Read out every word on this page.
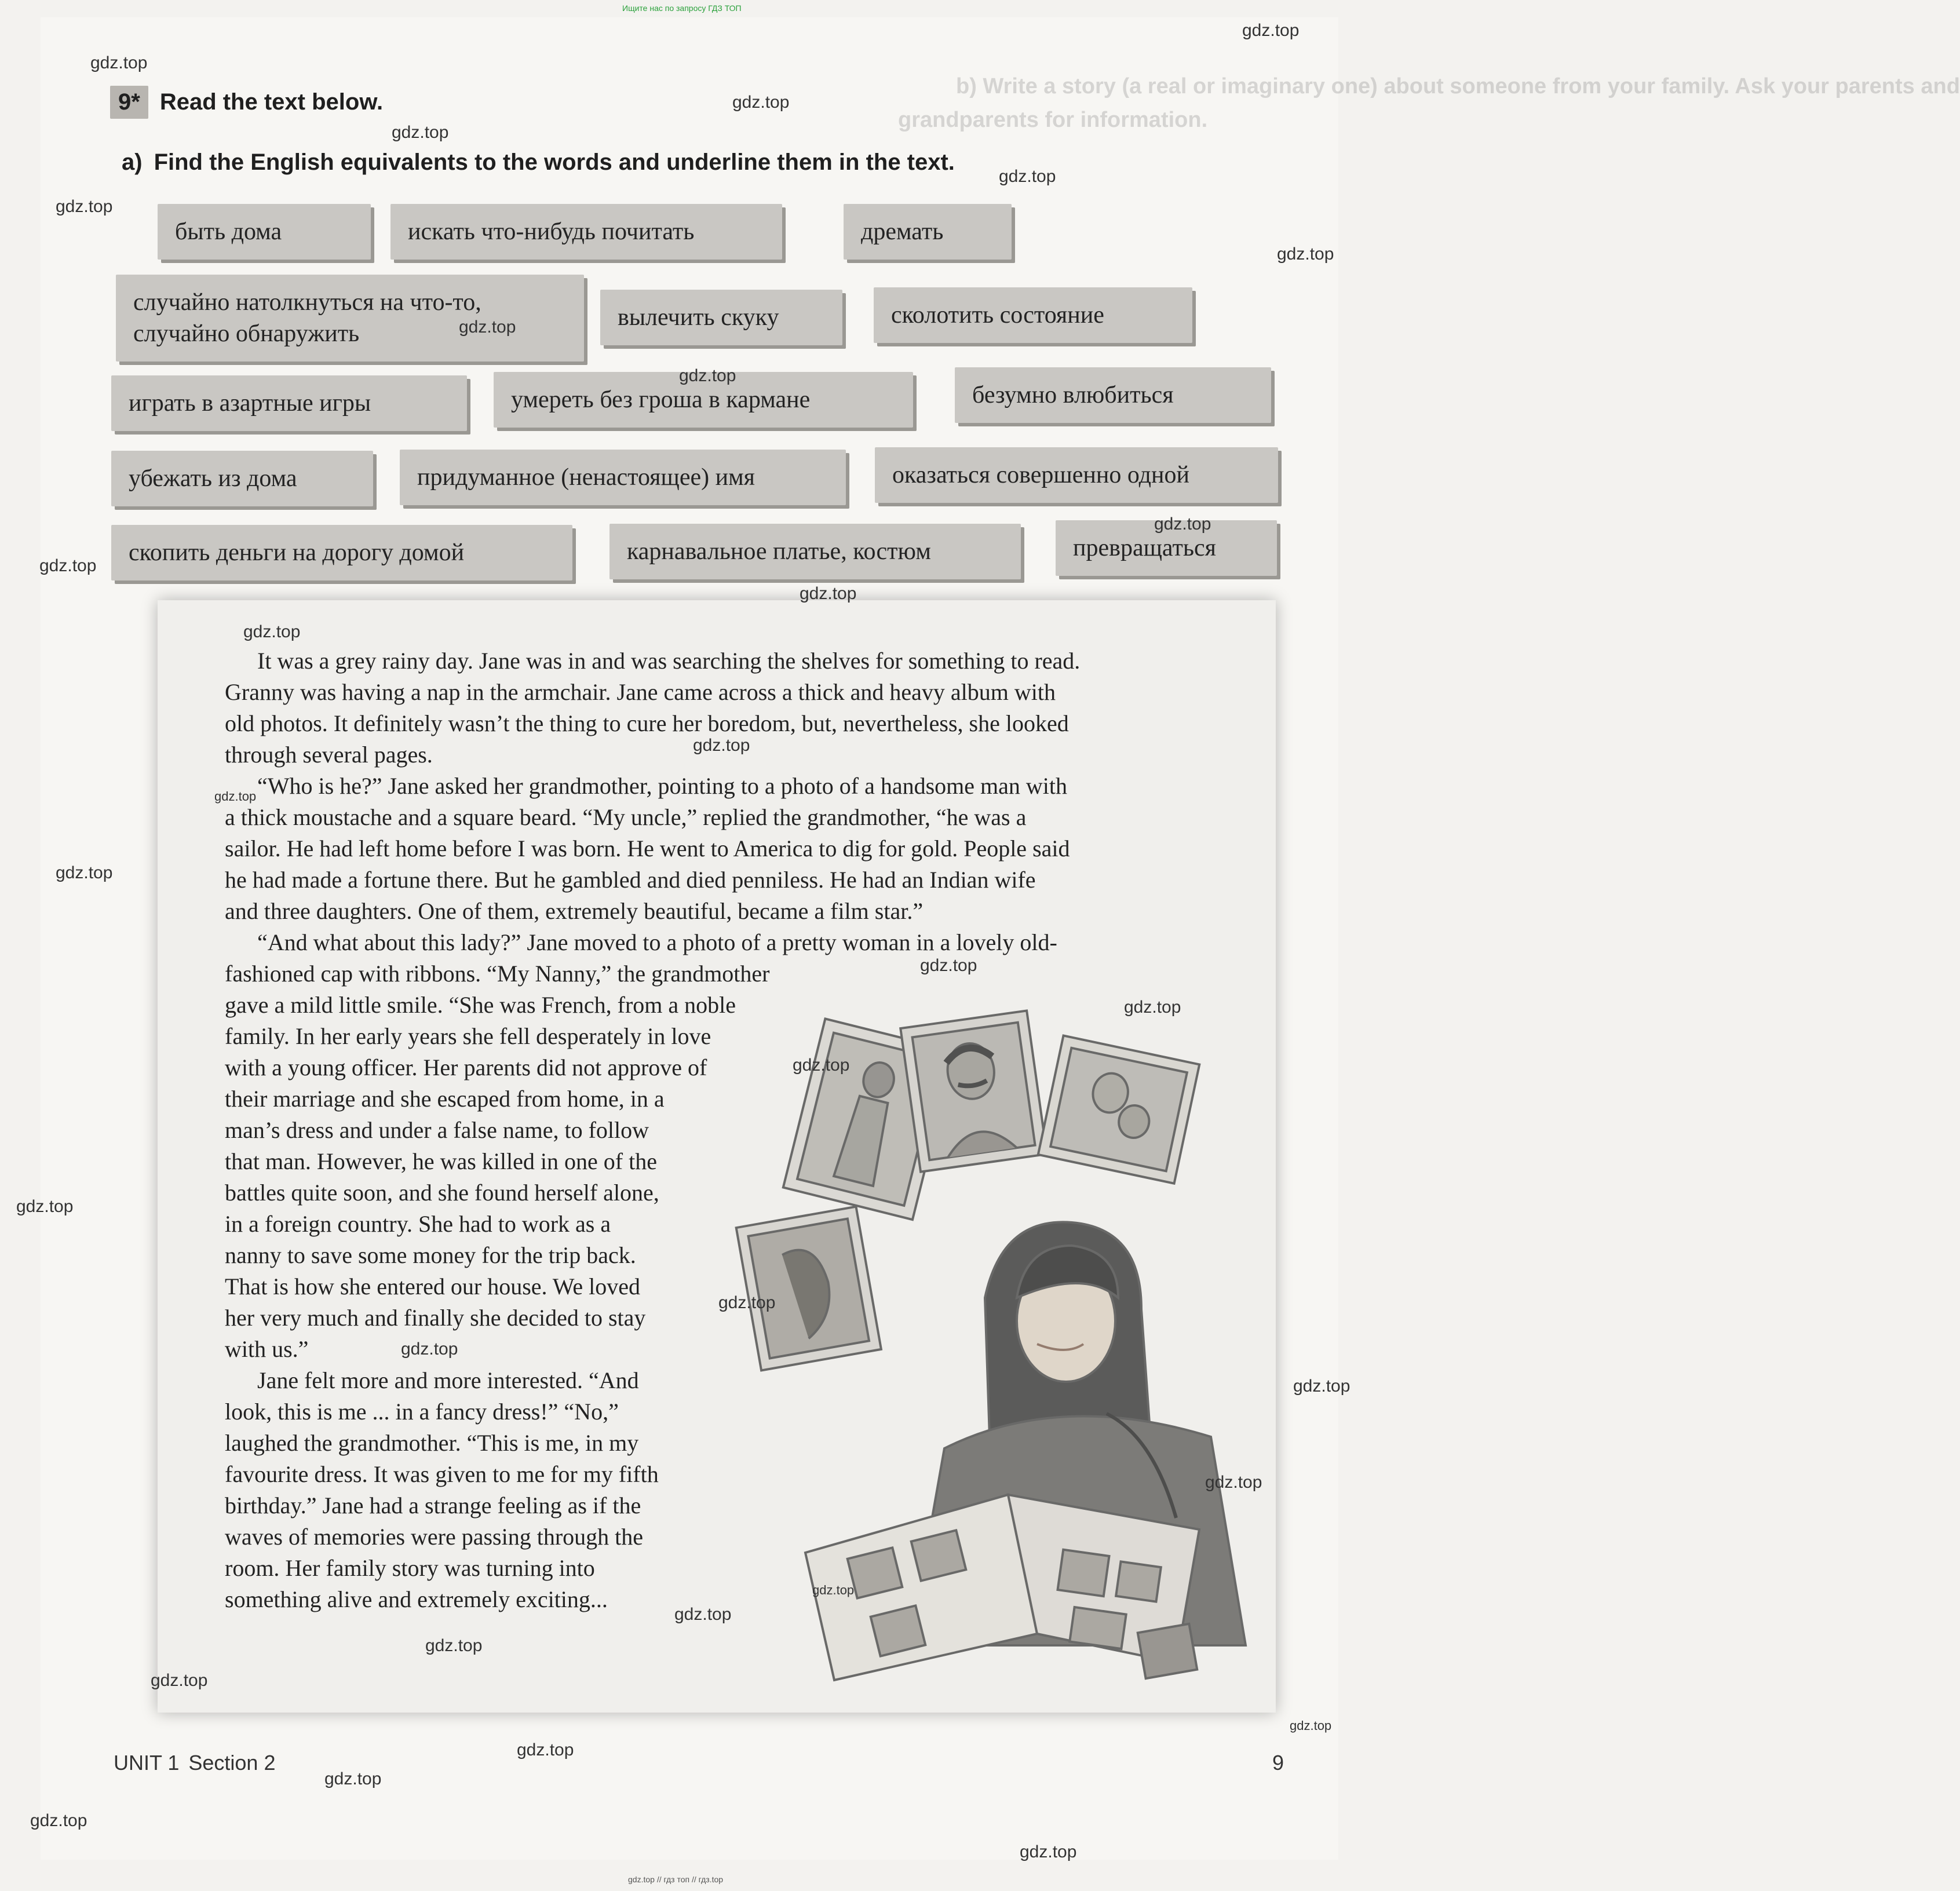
Ищите нас по запросу ГДЗ ТОП
b) Write a story (a real or imaginary one) about someone from your family. Ask your parents and
grandparents for information.
9* Read the text below.
a) Find the English equivalents to the words and underline them in the text.
быть дома	искать что-нибудь почитать	дремать
случайно натолкнуться на что-то,
случайно обнаружить
вылечить скуку	сколотить состояние
играть в азартные игры	умереть без гроша в кармане	безумно влюбиться
убежать из дома	придуманное (ненастоящее) имя	оказаться совершенно одной
скопить деньги на дорогу домой	карнавальное платье, костюм	превращаться
It was a grey rainy day. Jane was in and was searching the shelves for something to read.
Granny was having a nap in the armchair. Jane came across a thick and heavy album with
old photos. It definitely wasn’t the thing to cure her boredom, but, nevertheless, she looked
through several pages.
“Who is he?” Jane asked her grandmother, pointing to a photo of a handsome man with
a thick moustache and a square beard. “My uncle,” replied the grandmother, “he was a
sailor. He had left home before I was born. He went to America to dig for gold. People said
he had made a fortune there. But he gambled and died penniless. He had an Indian wife
and three daughters. One of them, extremely beautiful, became a film star.”
“And what about this lady?” Jane moved to a photo of a pretty woman in a lovely old-
fashioned cap with ribbons. “My Nanny,” the grandmother
gave a mild little smile. “She was French, from a noble
family. In her early years she fell desperately in love
with a young officer. Her parents did not approve of
their marriage and she escaped from home, in a
man’s dress and under a false name, to follow
that man. However, he was killed in one of the
battles quite soon, and she found herself alone,
in a foreign country. She had to work as a
nanny to save some money for the trip back.
That is how she entered our house. We loved
her very much and finally she decided to stay
with us.”
Jane felt more and more interested. “And
look, this is me ... in a fancy dress!” “No,”
laughed the grandmother. “This is me, in my
favourite dress. It was given to me for my fifth
birthday.” Jane had a strange feeling as if the
waves of memories were passing through the
room. Her family story was turning into
something alive and extremely exciting...
UNIT 1 Section 2	9
gdz.top
gdz.top
gdz.top
gdz.top
gdz.top
gdz.top
gdz.top
gdz.top
gdz.top
gdz.top
gdz.top
gdz.top
gdz.top
gdz.top
gdz.top
gdz.top
gdz.top
gdz.top
gdz.top
gdz.top
gdz.top
gdz.top
gdz.top
gdz.top
gdz.top
gdz.top
gdz.top
gdz.top
gdz.top
gdz.top
gdz.top
gdz.top
gdz.top
gdz.top // гдз топ // гдз.top
